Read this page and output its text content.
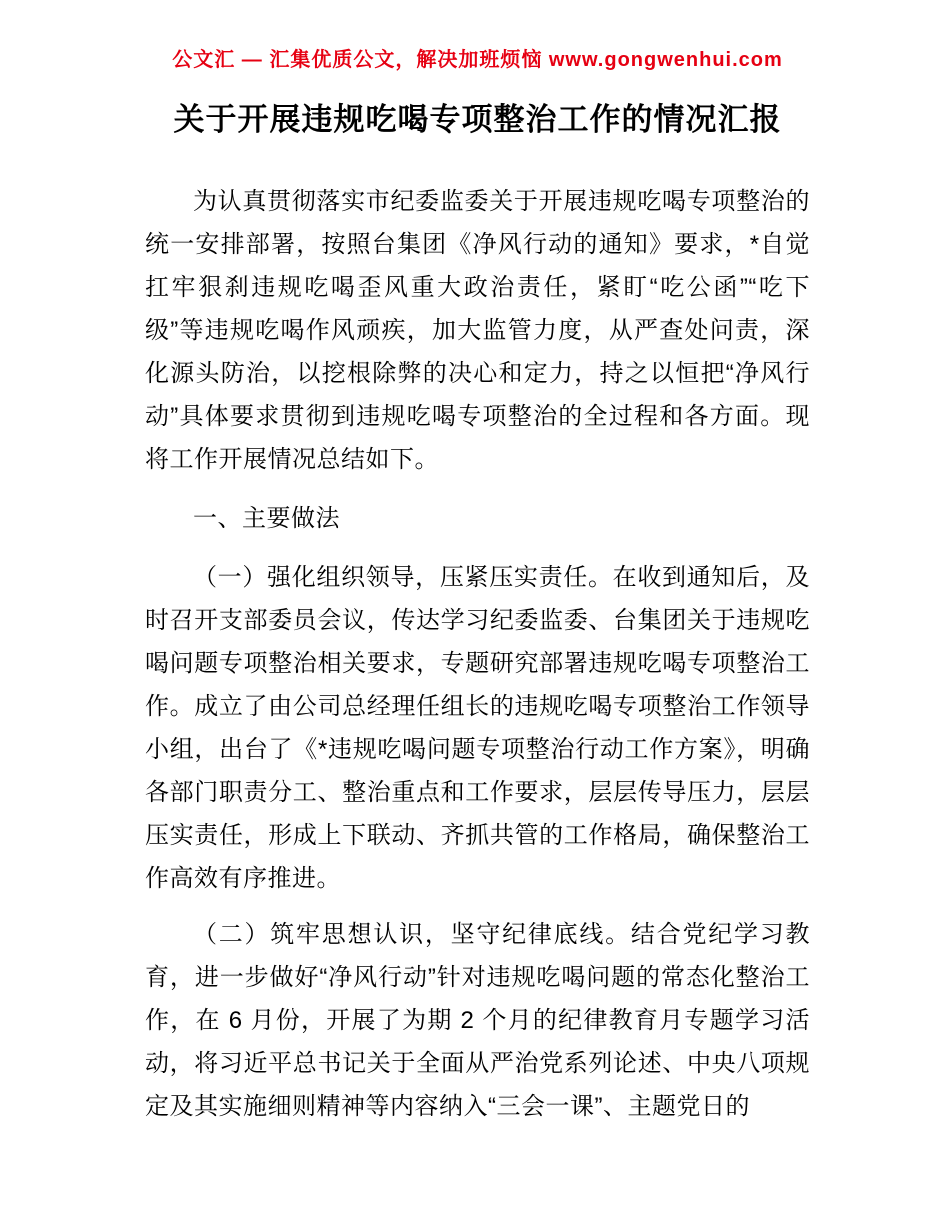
公文汇 — 汇集优质公文，解决加班烦恼 www.gongwenhui.com
关于开展违规吃喝专项整治工作的情况汇报

为认真贯彻落实市纪委监委关于开展违规吃喝专项整治的统一安排部署，按照台集团《净风行动的通知》要求，*自觉扛牢狠刹违规吃喝歪风重大政治责任，紧盯“吃公函”“吃下级”等违规吃喝作风顽疾，加大监管力度，从严查处问责，深化源头防治，以挖根除弊的决心和定力，持之以恒把“净风行动”具体要求贯彻到违规吃喝专项整治的全过程和各方面。现将工作开展情况总结如下。

一、主要做法

（一）强化组织领导，压紧压实责任。在收到通知后，及时召开支部委员会议，传达学习纪委监委、台集团关于违规吃喝问题专项整治相关要求，专题研究部署违规吃喝专项整治工作。成立了由公司总经理任组长的违规吃喝专项整治工作领导小组，出台了《*违规吃喝问题专项整治行动工作方案》，明确各部门职责分工、整治重点和工作要求，层层传导压力，层层压实责任，形成上下联动、齐抓共管的工作格局，确保整治工作高效有序推进。

（二）筑牢思想认识，坚守纪律底线。结合党纪学习教育，进一步做好“净风行动”针对违规吃喝问题的常态化整治工作，在 6 月份，开展了为期 2 个月的纪律教育月专题学习活动，将习近平总书记关于全面从严治党系列论述、中央八项规定及其实施细则精神等内容纳入“三会一课”、主题党日的
